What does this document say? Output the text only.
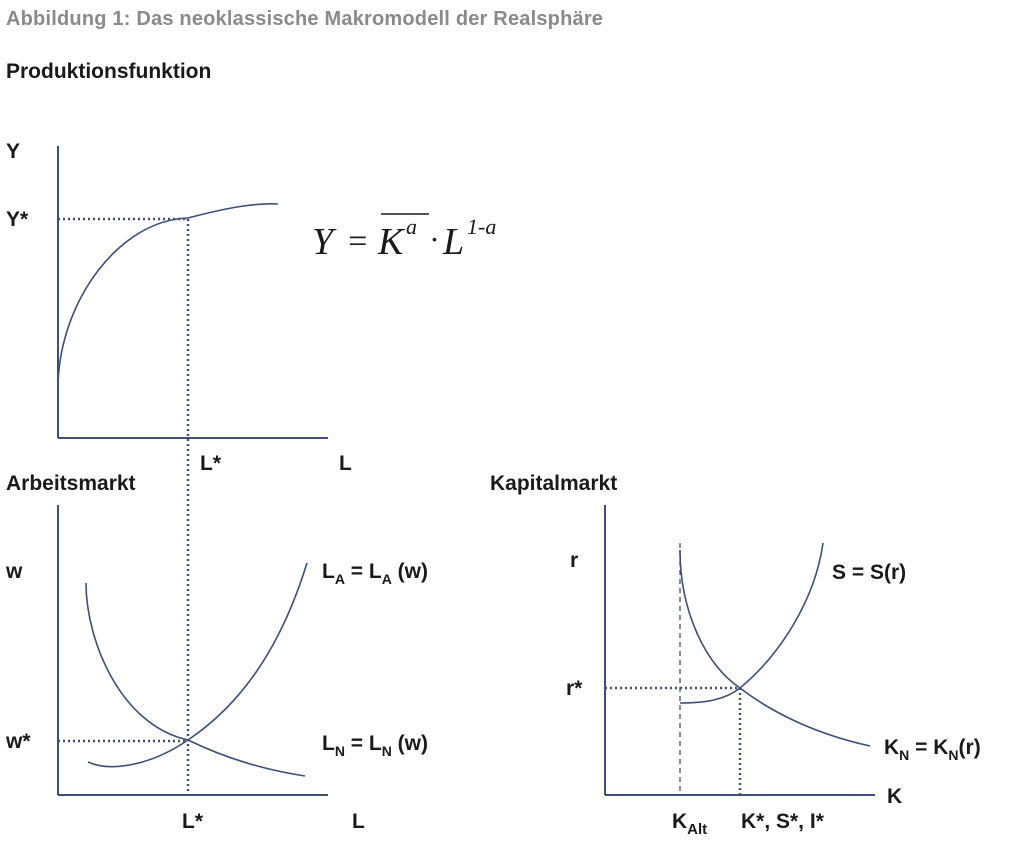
Abbildung 1: Das neoklassische Makromodell der Realsphäre
Produktionsfunktion
Arbeitsmarkt	Kapitalmarkt
Y
Y*
L*	L
Y = K a · L 1-a
w
w*
L*	L
$L_A = L_A$ (w)
$L_N = L_N$ (w)
r
r*
K
$K_{Alt}$ K*, S*, I*
S = S(r)
$K_N = K_N(r)$
